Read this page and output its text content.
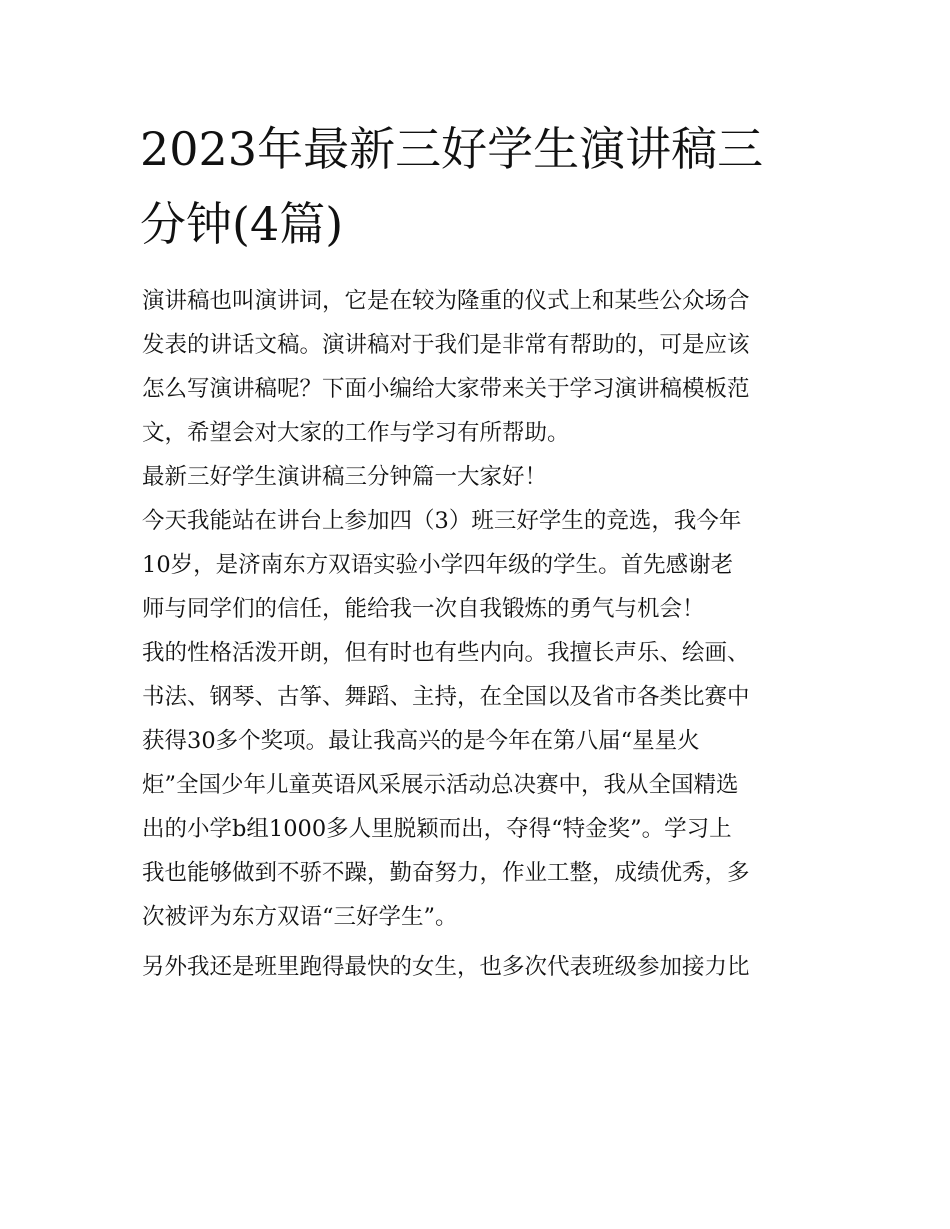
2023年最新三好学生演讲稿三
分钟(4篇)
演讲稿也叫演讲词，它是在较为隆重的仪式上和某些公众场合
发表的讲话文稿。演讲稿对于我们是非常有帮助的，可是应该
怎么写演讲稿呢？下面小编给大家带来关于学习演讲稿模板范
文，希望会对大家的工作与学习有所帮助。
最新三好学生演讲稿三分钟篇一大家好！
今天我能站在讲台上参加四（3）班三好学生的竞选，我今年
10岁，是济南东方双语实验小学四年级的学生。首先感谢老
师与同学们的信任，能给我一次自我锻炼的勇气与机会！
我的性格活泼开朗，但有时也有些内向。我擅长声乐、绘画、
书法、钢琴、古筝、舞蹈、主持，在全国以及省市各类比赛中
获得30多个奖项。最让我高兴的是今年在第八届“星星火
炬”全国少年儿童英语风采展示活动总决赛中，我从全国精选
出的小学b组1000多人里脱颖而出，夺得“特金奖”。学习上
我也能够做到不骄不躁，勤奋努力，作业工整，成绩优秀，多
次被评为东方双语“三好学生”。
另外我还是班里跑得最快的女生，也多次代表班级参加接力比
